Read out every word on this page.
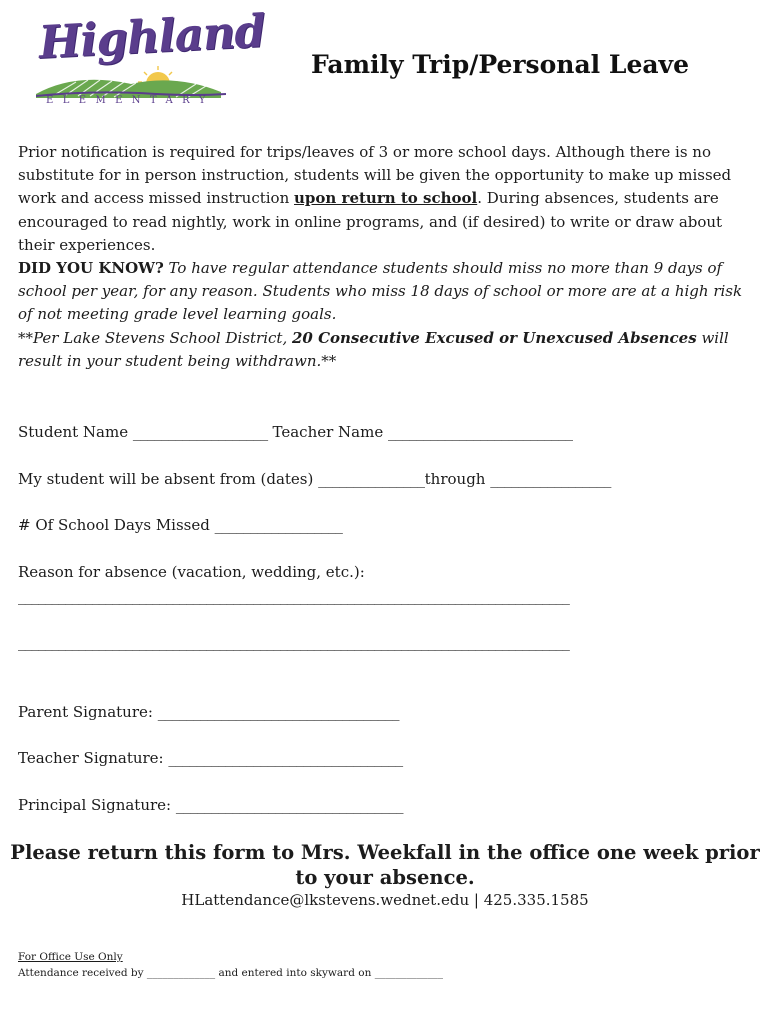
Highland
ELEMENTARY
Family Trip/Personal Leave

Prior notification is required for trips/leaves of 3 or more school days. Although there is no substitute for in person instruction, students will be given the opportunity to make up missed work and access missed instruction upon return to school. During absences, students are encouraged to read nightly, work in online programs, and (if desired) to write or draw about their experiences.

DID YOU KNOW? To have regular attendance students should miss no more than 9 days of school per year, for any reason. Students who miss 18 days of school or more are at a high risk of not meeting grade level learning goals.
**Per Lake Stevens School District, 20 Consecutive Excused or Unexcused Absences will result in your student being withdrawn.**

Student Name ___________________ Teacher Name __________________________

My student will be absent from (dates) _______________through _________________

# Of School Days Missed __________________

Reason for absence (vacation, wedding, etc.):

__________________________________________________________________________________

__________________________________________________________________________________

Parent Signature: __________________________________

Teacher Signature: _________________________________

Principal Signature: ________________________________

Please return this form to Mrs. Weekfall in the office one week prior to your absence.

HLattendance@lkstevens.wednet.edu | 425.335.1585

For Office Use Only

Attendance received by _____________ and entered into skyward on _____________
